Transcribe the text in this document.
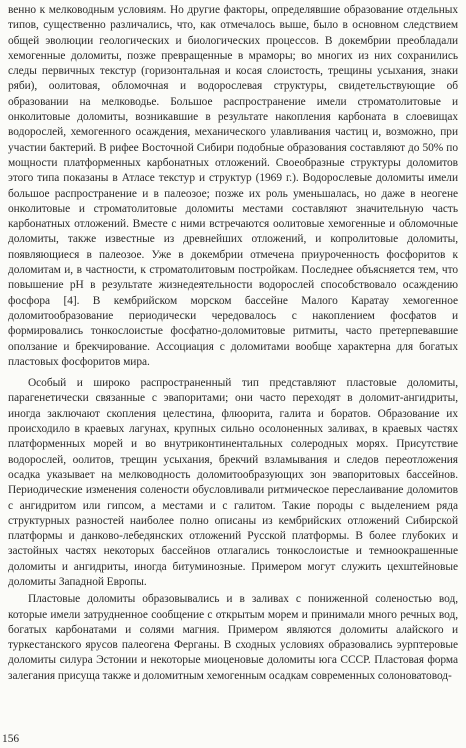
венно к мелководным условиям. Но другие факторы, определявшие образование отдельных типов, существенно различались, что, как отмечалось выше, было в основном следствием общей эволюции геологических и биологических процессов. В докембрии преобладали хемогенные доломиты, позже превращенные в мраморы; во многих из них сохранились следы первичных текстур (горизонтальная и косая слоистость, трещины усыхания, знаки ряби), оолитовая, обломочная и водорослевая структуры, свидетельствующие об образовании на мелководье. Большое распространение имели строматолитовые и онколитовые доломиты, возникавшие в результате накопления карбоната в слоевищах водорослей, хемогенного осаждения, механического улавливания частиц и, возможно, при участии бактерий. В рифее Восточной Сибири подобные образования составляют до 50% по мощности платформенных карбонатных отложений. Своеобразные структуры доломитов этого типа показаны в Атласе текстур и структур (1969 г.). Водорослевые доломиты имели большое распространение и в палеозое; позже их роль уменьшалась, но даже в неогене онколитовые и строматолитовые доломиты местами составляют значительную часть карбонатных отложений. Вместе с ними встречаются оолитовые хемогенные и обломочные доломиты, также известные из древнейших отложений, и копролитовые доломиты, появляющиеся в палеозое. Уже в докембрии отмечена приуроченность фосфоритов к доломитам и, в частности, к строматолитовым постройкам. Последнее объясняется тем, что повышение pH в результате жизнедеятельности водорослей способствовало осаждению фосфора [4]. В кембрийском морском бассейне Малого Каратау хемогенное доломитообразование периодически чередовалось с накоплением фосфатов и формировались тонкослоистые фосфатно-доломитовые ритмиты, часто претерпевавшие оползание и брекчирование. Ассоциация с доломитами вообще характерна для богатых пластовых фосфоритов мира.

Особый и широко распространенный тип представляют пластовые доломиты, парагенетически связанные с эвапоритами; они часто переходят в доломит-ангидриты, иногда заключают скопления целестина, флюорита, галита и боратов. Образование их происходило в краевых лагунах, крупных сильно осолоненных заливах, в краевых частях платформенных морей и во внутриконтинентальных солеродных морях. Присутствие водорослей, оолитов, трещин усыхания, брекчий взламывания и следов переотложения осадка указывает на мелководность доломитообразующих зон эвапоритовых бассейнов. Периодические изменения солености обусловливали ритмическое переслаивание доломитов с ангидритом или гипсом, а местами и с галитом. Такие породы с выделением ряда структурных разностей наиболее полно описаны из кембрийских отложений Сибирской платформы и данково-лебедянских отложений Русской платформы. В более глубоких и застойных частях некоторых бассейнов отлагались тонкослоистые и темноокрашенные доломиты и ангидриты, иногда битуминозные. Примером могут служить цехштейновые доломиты Западной Европы.

Пластовые доломиты образовывались и в заливах с пониженной соленостью вод, которые имели затрудненное сообщение с открытым морем и принимали много речных вод, богатых карбонатами и солями магния. Примером являются доломиты алайского и туркестанского ярусов палеогена Ферганы. В сходных условиях образовались эурптеровые доломиты силура Эстонии и некоторые миоценовые доломиты юга СССР. Пластовая форма залегания присуща также и доломитным хемогенным осадкам современных солоноватовод-

156
